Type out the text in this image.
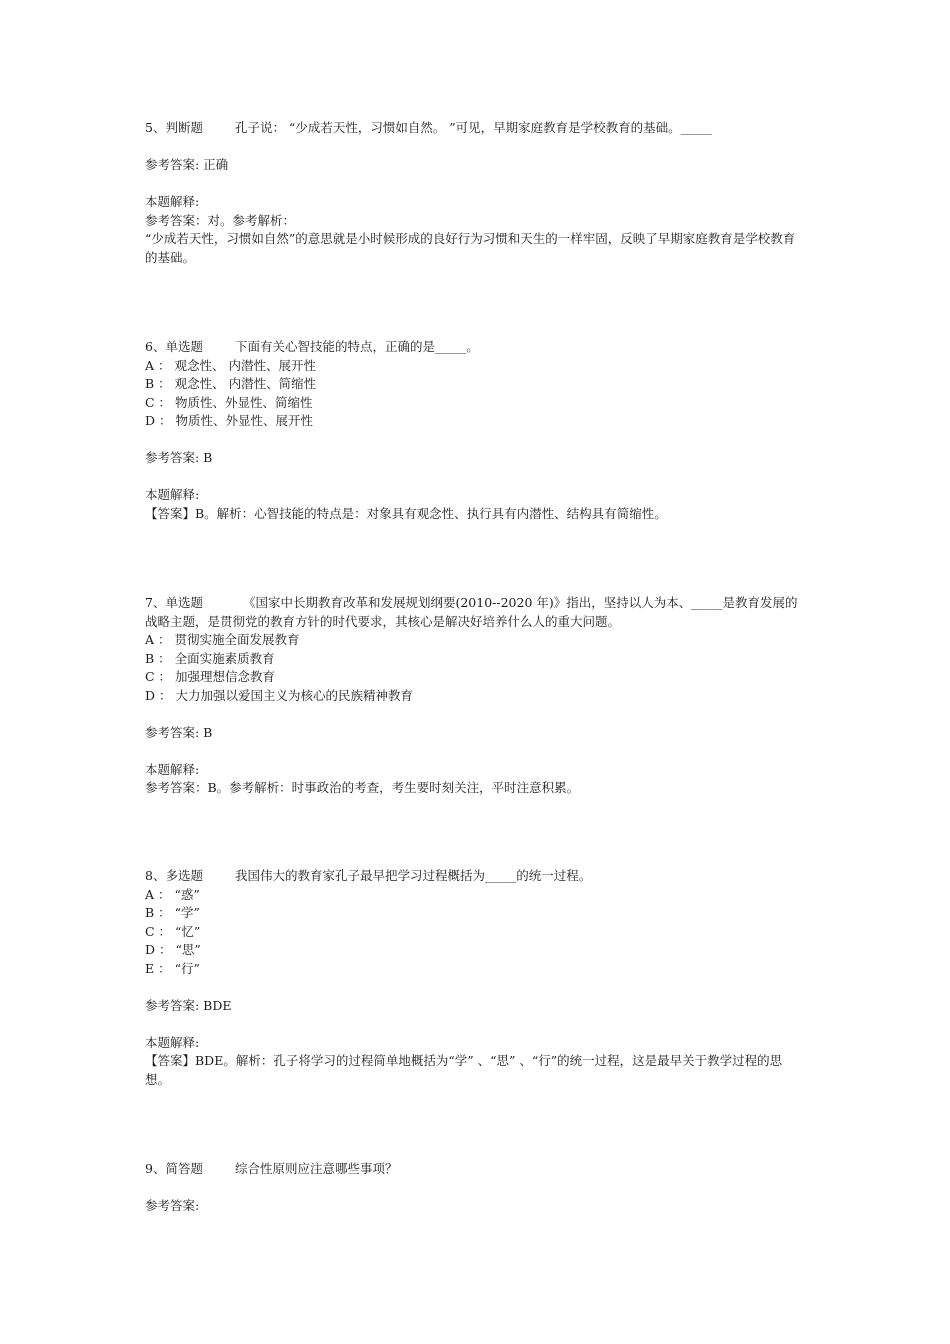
5、判断题	孔子说： “少成若天性，习惯如自然。 ”可见，早期家庭教育是学校教育的基础。_____

参考答案: 正确

本题解释:

参考答案：对。参考解析：

“少成若天性，习惯如自然”的意思就是小时候形成的良好行为习惯和天生的一样牢固，反映了早期家庭教育是学校教育的基础。

6、单选题	下面有关心智技能的特点，正确的是_____。

A ： 观念性、 内潜性、展开性

B ： 观念性、 内潜性、简缩性

C ： 物质性、外显性、简缩性

D ： 物质性、外显性、展开性

参考答案: B

本题解释:

【答案】B。解析：心智技能的特点是：对象具有观念性、执行具有内潜性、结构具有简缩性。

7、单选题	《国家中长期教育改革和发展规划纲要(2010--2020 年)》指出，坚持以人为本、_____是教育发展的战略主题，是贯彻党的教育方针的时代要求，其核心是解决好培养什么人的重大问题。

A ： 贯彻实施全面发展教育

B ： 全面实施素质教育

C ： 加强理想信念教育

D ： 大力加强以爱国主义为核心的民族精神教育

参考答案: B

本题解释:

参考答案：B。参考解析：时事政治的考查，考生要时刻关注，平时注意积累。

8、多选题	我国伟大的教育家孔子最早把学习过程概括为_____的统一过程。

A ： “惑”

B ： “学”

C ： “忆”

D ： “思”

E ： “行”

参考答案: BDE

本题解释:

【答案】BDE。解析：孔子将学习的过程简单地概括为“学” 、“思” 、“行”的统一过程，这是最早关于教学过程的思想。

9、简答题	综合性原则应注意哪些事项？

参考答案:
